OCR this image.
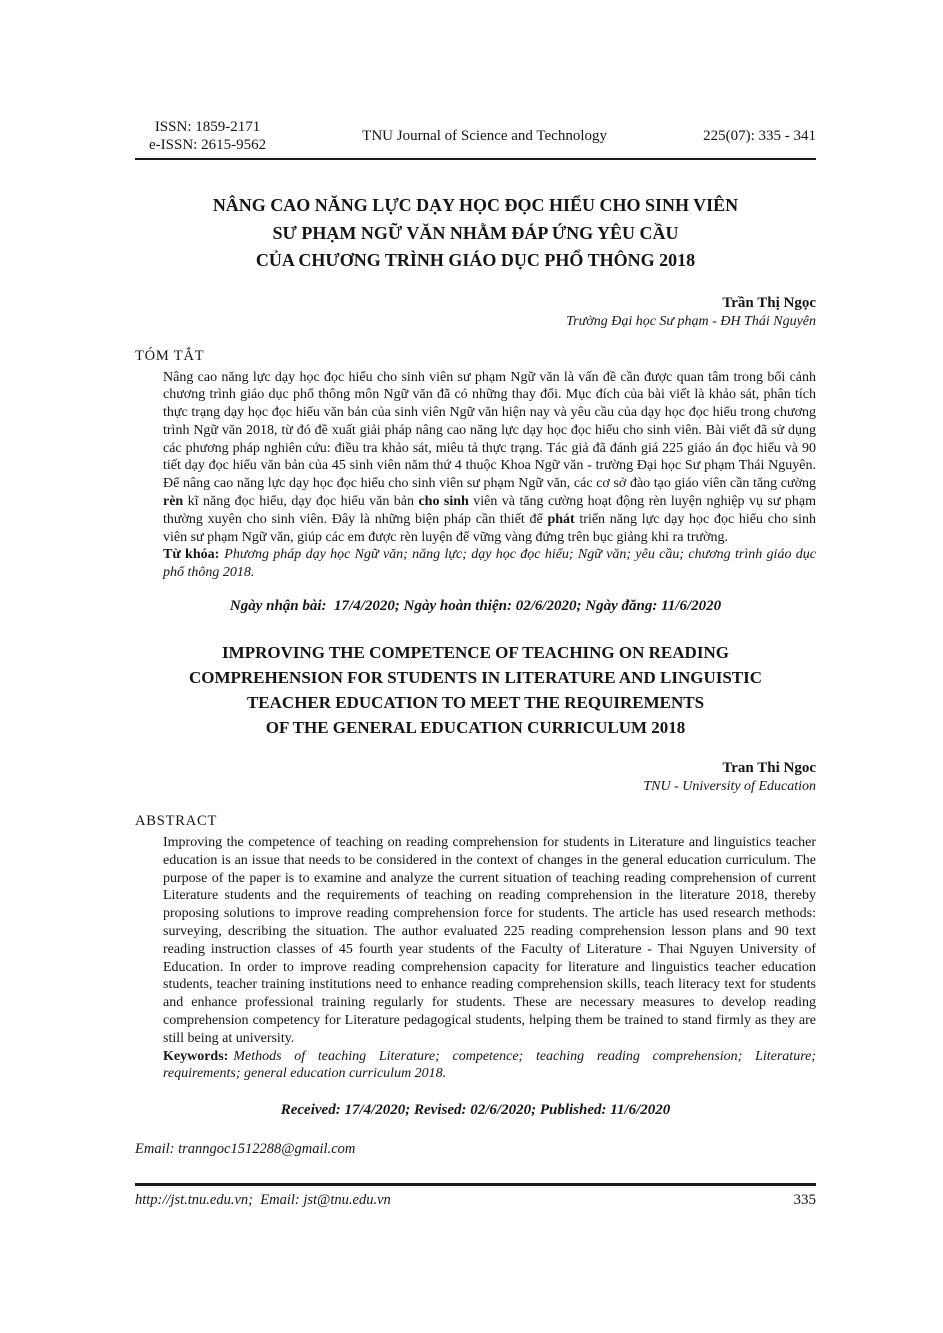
ISSN: 1859-2171
e-ISSN: 2615-9562
TNU Journal of Science and Technology	225(07): 335 - 341
NÂNG CAO NĂNG LỰC DẠY HỌC ĐỌC HIỂU CHO SINH VIÊN
SƯ PHẠM NGỮ VĂN NHẰM ĐÁP ỨNG YÊU CẦU
CỦA CHƯƠNG TRÌNH GIÁO DỤC PHỔ THÔNG 2018
Trần Thị Ngọc
Trường Đại học Sư phạm - ĐH Thái Nguyên
TÓM TẮT

Nâng cao năng lực dạy học đọc hiểu cho sinh viên sư phạm Ngữ văn là vấn đề cần được quan tâm trong bối cảnh chương trình giáo dục phổ thông môn Ngữ văn đã có những thay đổi. Mục đích của bài viết là khảo sát, phân tích thực trạng dạy học đọc hiểu văn bản của sinh viên Ngữ văn hiện nay và yêu cầu của dạy học đọc hiểu trong chương trình Ngữ văn 2018, từ đó đề xuất giải pháp nâng cao năng lực dạy học đọc hiểu cho sinh viên. Bài viết đã sử dụng các phương pháp nghiên cứu: điều tra khảo sát, miêu tả thực trạng. Tác giả đã đánh giá 225 giáo án đọc hiểu và 90 tiết dạy đọc hiểu văn bản của 45 sinh viên năm thứ 4 thuộc Khoa Ngữ văn - trường Đại học Sư phạm Thái Nguyên. Để nâng cao năng lực dạy học đọc hiểu cho sinh viên sư phạm Ngữ văn, các cơ sở đào tạo giáo viên cần tăng cường rèn kĩ năng đọc hiểu, dạy đọc hiểu văn bản cho sinh viên và tăng cường hoạt động rèn luyện nghiệp vụ sư phạm thường xuyên cho sinh viên. Đây là những biện pháp cần thiết để phát triển năng lực dạy học đọc hiểu cho sinh viên sư phạm Ngữ văn, giúp các em được rèn luyện để vững vàng đứng trên bục giảng khi ra trường.

Từ khóa: Phương pháp dạy học Ngữ văn; năng lực; dạy học đọc hiểu; Ngữ văn; yêu cầu; chương trình giáo dục phổ thông 2018.

Ngày nhận bài:  17/4/2020; Ngày hoàn thiện: 02/6/2020; Ngày đăng: 11/6/2020
IMPROVING THE COMPETENCE OF TEACHING ON READING
COMPREHENSION FOR STUDENTS IN LITERATURE AND LINGUISTIC
TEACHER EDUCATION TO MEET THE REQUIREMENTS
OF THE GENERAL EDUCATION CURRICULUM 2018
Tran Thi Ngoc
TNU - University of Education
ABSTRACT

Improving the competence of teaching on reading comprehension for students in Literature and linguistics teacher education is an issue that needs to be considered in the context of changes in the general education curriculum. The purpose of the paper is to examine and analyze the current situation of teaching reading comprehension of current Literature students and the requirements of teaching on reading comprehension in the literature 2018, thereby proposing solutions to improve reading comprehension force for students. The article has used research methods: surveying, describing the situation. The author evaluated 225 reading comprehension lesson plans and 90 text reading instruction classes of 45 fourth year students of the Faculty of Literature - Thai Nguyen University of Education. In order to improve reading comprehension capacity for literature and linguistics teacher education students, teacher training institutions need to enhance reading comprehension skills, teach literacy text for students and enhance professional training regularly for students. These are necessary measures to develop reading comprehension competency for Literature pedagogical students, helping them be trained to stand firmly as they are still being at university.

Keywords: Methods of teaching Literature; competence; teaching reading comprehension; Literature; requirements; general education curriculum 2018.

Received: 17/4/2020; Revised: 02/6/2020; Published: 11/6/2020
Email: tranngoc1512288@gmail.com
http://jst.tnu.edu.vn;  Email: jst@tnu.edu.vn	335
